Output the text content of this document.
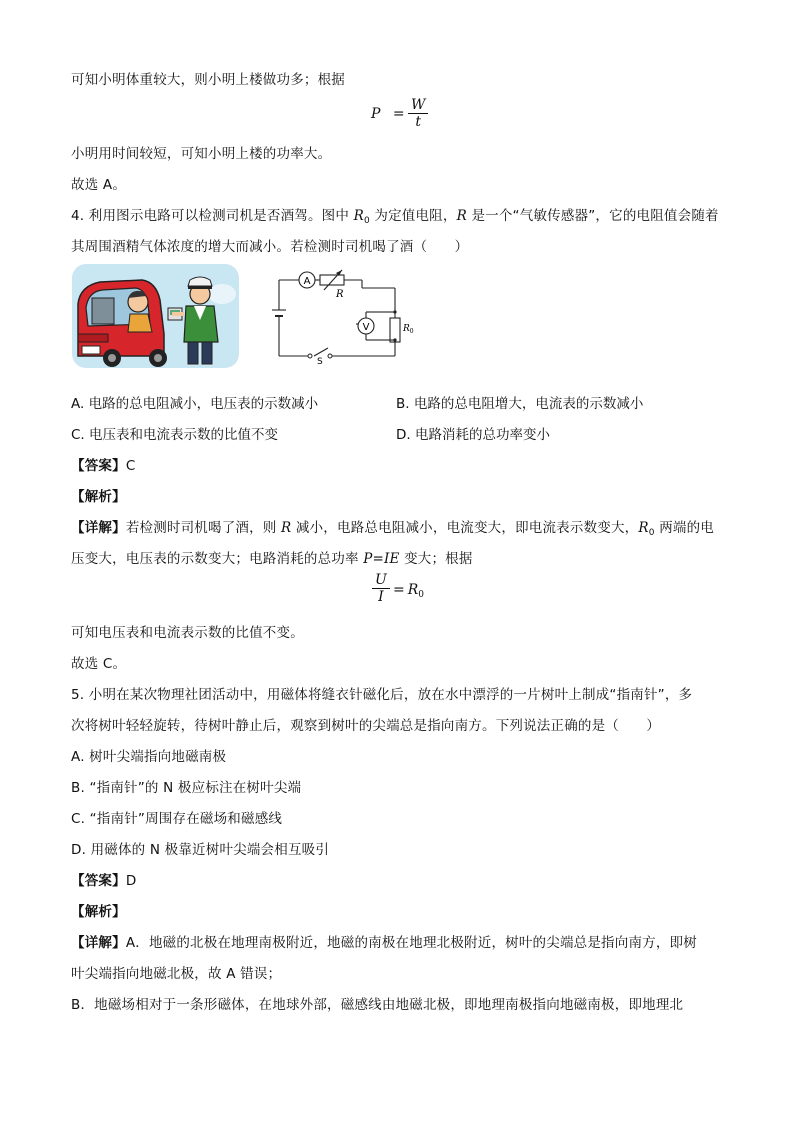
可知小明体重较大，则小明上楼做功多；根据
P =
W
t
小明用时间较短，可知小明上楼的功率大。
故选 A。
4. 利用图示电路可以检测司机是否酒驾。图中 $R_0$ 为定值电阻，R 是一个“气敏传感器”，它的电阻值会随着
其周围酒精气体浓度的增大而减小。若检测时司机喝了酒（　　）
A
V
R
$R_0$
S
A. 电路的总电阻减小，电压表的示数减小	B. 电路的总电阻增大，电流表的示数减小
C. 电压表和电流表示数的比值不变	D. 电路消耗的总功率变小
【答案】C
【解析】
【详解】若检测时司机喝了酒，则 R 减小，电路总电阻减小，电流变大，即电流表示数变大，$R_0$ 两端的电
压变大，电压表的示数变大；电路消耗的总功率 P=IE 变大；根据
U
$I = R_0$
可知电压表和电流表示数的比值不变。
故选 C。
5. 小明在某次物理社团活动中，用磁体将缝衣针磁化后，放在水中漂浮的一片树叶上制成“指南针”，多
次将树叶轻轻旋转，待树叶静止后，观察到树叶的尖端总是指向南方。下列说法正确的是（　　）
A. 树叶尖端指向地磁南极
B. “指南针”的 N 极应标注在树叶尖端
C. “指南针”周围存在磁场和磁感线
D. 用磁体的 N 极靠近树叶尖端会相互吸引
【答案】D
【解析】
【详解】A．地磁的北极在地理南极附近，地磁的南极在地理北极附近，树叶的尖端总是指向南方，即树
叶尖端指向地磁北极，故 A 错误；
B．地磁场相对于一条形磁体，在地球外部，磁感线由地磁北极，即地理南极指向地磁南极，即地理北
